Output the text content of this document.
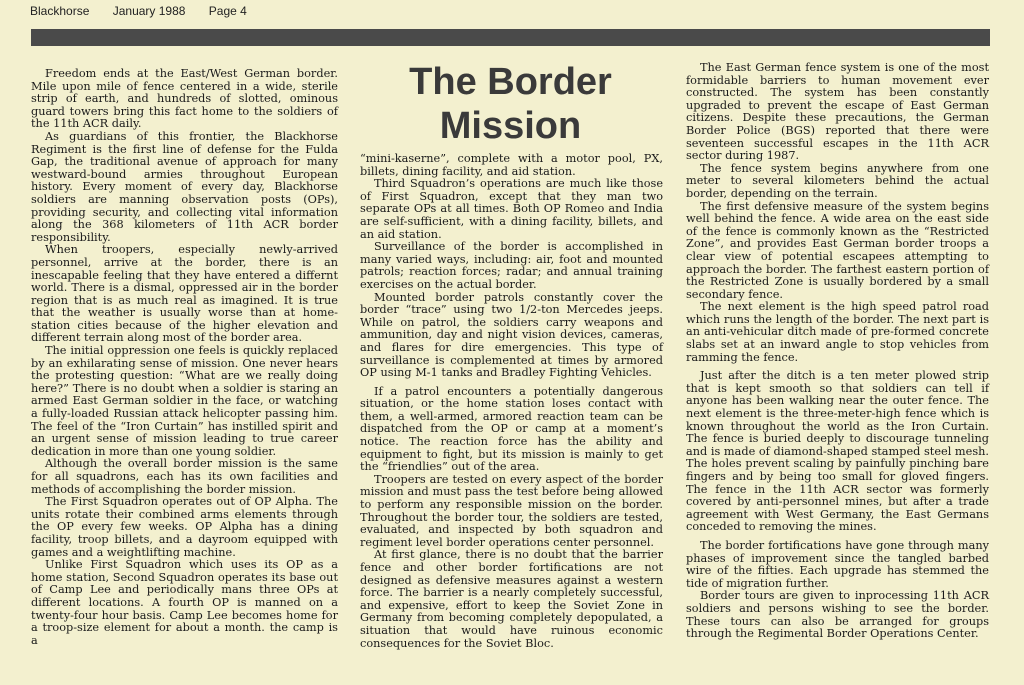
Blackhorse January 1988 Page 4
The Border
Mission

Freedom ends at the East/West German border. Mile upon mile of fence centered in a wide, sterile strip of earth, and hundreds of slotted, ominous guard towers bring this fact home to the soldiers of the 11th ACR daily.

As guardians of this frontier, the Blackhorse Regiment is the first line of defense for the Fulda Gap, the traditional avenue of approach for many westward-bound armies throughout European history. Every moment of every day, Blackhorse soldiers are manning observation posts (OPs), providing security, and collecting vital information along the 368 kilometers of 11th ACR border responsibility.

When troopers, especially newly-arrived personnel, arrive at the border, there is an inescapable feeling that they have entered a differnt world. There is a dismal, oppressed air in the border region that is as much real as imagined. It is true that the weather is usually worse than at home-station cities because of the higher elevation and different terrain along most of the border area.

The initial oppression one feels is quickly replaced by an exhilarating sense of mission. One never hears the protesting question: “What are we really doing here?” There is no doubt when a soldier is staring an armed East German soldier in the face, or watching a fully-loaded Russian attack helicopter passing him. The feel of the “Iron Curtain” has instilled spirit and an urgent sense of mission leading to true career dedication in more than one young soldier.

Although the overall border mission is the same for all squadrons, each has its own facilities and methods of accomplishing the border mission.

The First Squadron operates out of OP Alpha. The units rotate their combined arms elements through the OP every few weeks. OP Alpha has a dining facility, troop billets, and a dayroom equipped with games and a weightlifting machine.

Unlike First Squadron which uses its OP as a home station, Second Squadron operates its base out of Camp Lee and periodically mans three OPs at different locations. A fourth OP is manned on a twenty-four hour basis. Camp Lee becomes home for a troop-size element for about a month. the camp is a

“mini-kaserne”, complete with a motor pool, PX, billets, dining facility, and aid station.

Third Squadron’s operations are much like those of First Squadron, except that they man two separate OPs at all times. Both OP Romeo and India are self-sufficient, with a dining facility, billets, and an aid station.

Surveillance of the border is accomplished in many varied ways, including: air, foot and mounted patrols; reaction forces; radar; and annual training exercises on the actual border.

Mounted border patrols constantly cover the border “trace” using two 1/2-ton Mercedes jeeps. While on patrol, the soldiers carry weapons and ammunition, day and night vision devices, cameras, and flares for dire emergencies. This type of surveillance is complemented at times by armored OP using M-1 tanks and Bradley Fighting Vehicles.

If a patrol encounters a potentially dangerous situation, or the home station loses contact with them, a well-armed, armored reaction team can be dispatched from the OP or camp at a moment’s notice. The reaction force has the ability and equipment to fight, but its mission is mainly to get the “friendlies” out of the area.

Troopers are tested on every aspect of the border mission and must pass the test before being allowed to perform any responsible mission on the border. Throughout the border tour, the soldiers are tested, evaluated, and inspected by both squadron and regiment level border operations center personnel.

At first glance, there is no doubt that the barrier fence and other border fortifications are not designed as defensive measures against a western force. The barrier is a nearly completely successful, and expensive, effort to keep the Soviet Zone in Germany from becoming completely depopulated, a situation that would have ruinous economic consequences for the Soviet Bloc.

The East German fence system is one of the most formidable barriers to human movement ever constructed. The system has been constantly upgraded to prevent the escape of East German citizens. Despite these precautions, the German Border Police (BGS) reported that there were seventeen successful escapes in the 11th ACR sector during 1987.

The fence system begins anywhere from one meter to several kilometers behind the actual border, depending on the terrain.

The first defensive measure of the system begins well behind the fence. A wide area on the east side of the fence is commonly known as the “Restricted Zone”, and provides East German border troops a clear view of potential escapees attempting to approach the border. The farthest eastern portion of the Restricted Zone is usually bordered by a small secondary fence.

The next element is the high speed patrol road which runs the length of the border. The next part is an anti-vehicular ditch made of pre-formed concrete slabs set at an inward angle to stop vehicles from ramming the fence.

Just after the ditch is a ten meter plowed strip that is kept smooth so that soldiers can tell if anyone has been walking near the outer fence. The next element is the three-meter-high fence which is known throughout the world as the Iron Curtain. The fence is buried deeply to discourage tunneling and is made of diamond-shaped stamped steel mesh. The holes prevent scaling by painfully pinching bare fingers and by being too small for gloved fingers. The fence in the 11th ACR sector was formerly covered by anti-personnel mines, but after a trade agreement with West Germany, the East Germans conceded to removing the mines.

The border fortifications have gone through many phases of improvement since the tangled barbed wire of the fifties. Each upgrade has stemmed the tide of migration further.

Border tours are given to inprocessing 11th ACR soldiers and persons wishing to see the border. These tours can also be arranged for groups through the Regimental Border Operations Center.
